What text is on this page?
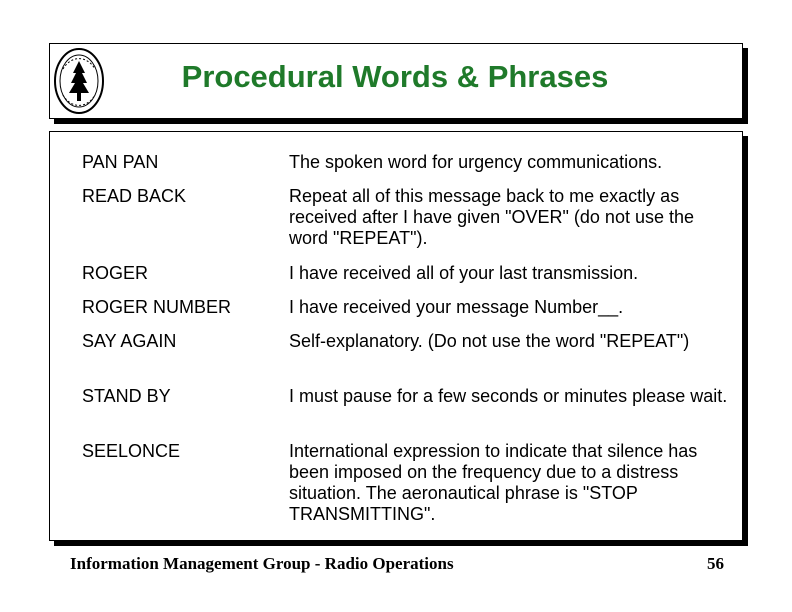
Procedural Words & Phrases
PAN PAN	The spoken word for urgency communications.
READ BACK	Repeat all of this message back to me exactly as received after I have given "OVER" (do not use the word "REPEAT").
ROGER	I have received all of your last transmission.
ROGER NUMBER	I have received your message Number__.
SAY AGAIN	Self-explanatory. (Do not use the word "REPEAT")
STAND BY	I must pause for a few seconds or minutes please wait.
SEELONCE	International expression to indicate that silence has been imposed on the frequency due to a distress situation. The aeronautical phrase is "STOP TRANSMITTING".
Information Management Group - Radio Operations	56
